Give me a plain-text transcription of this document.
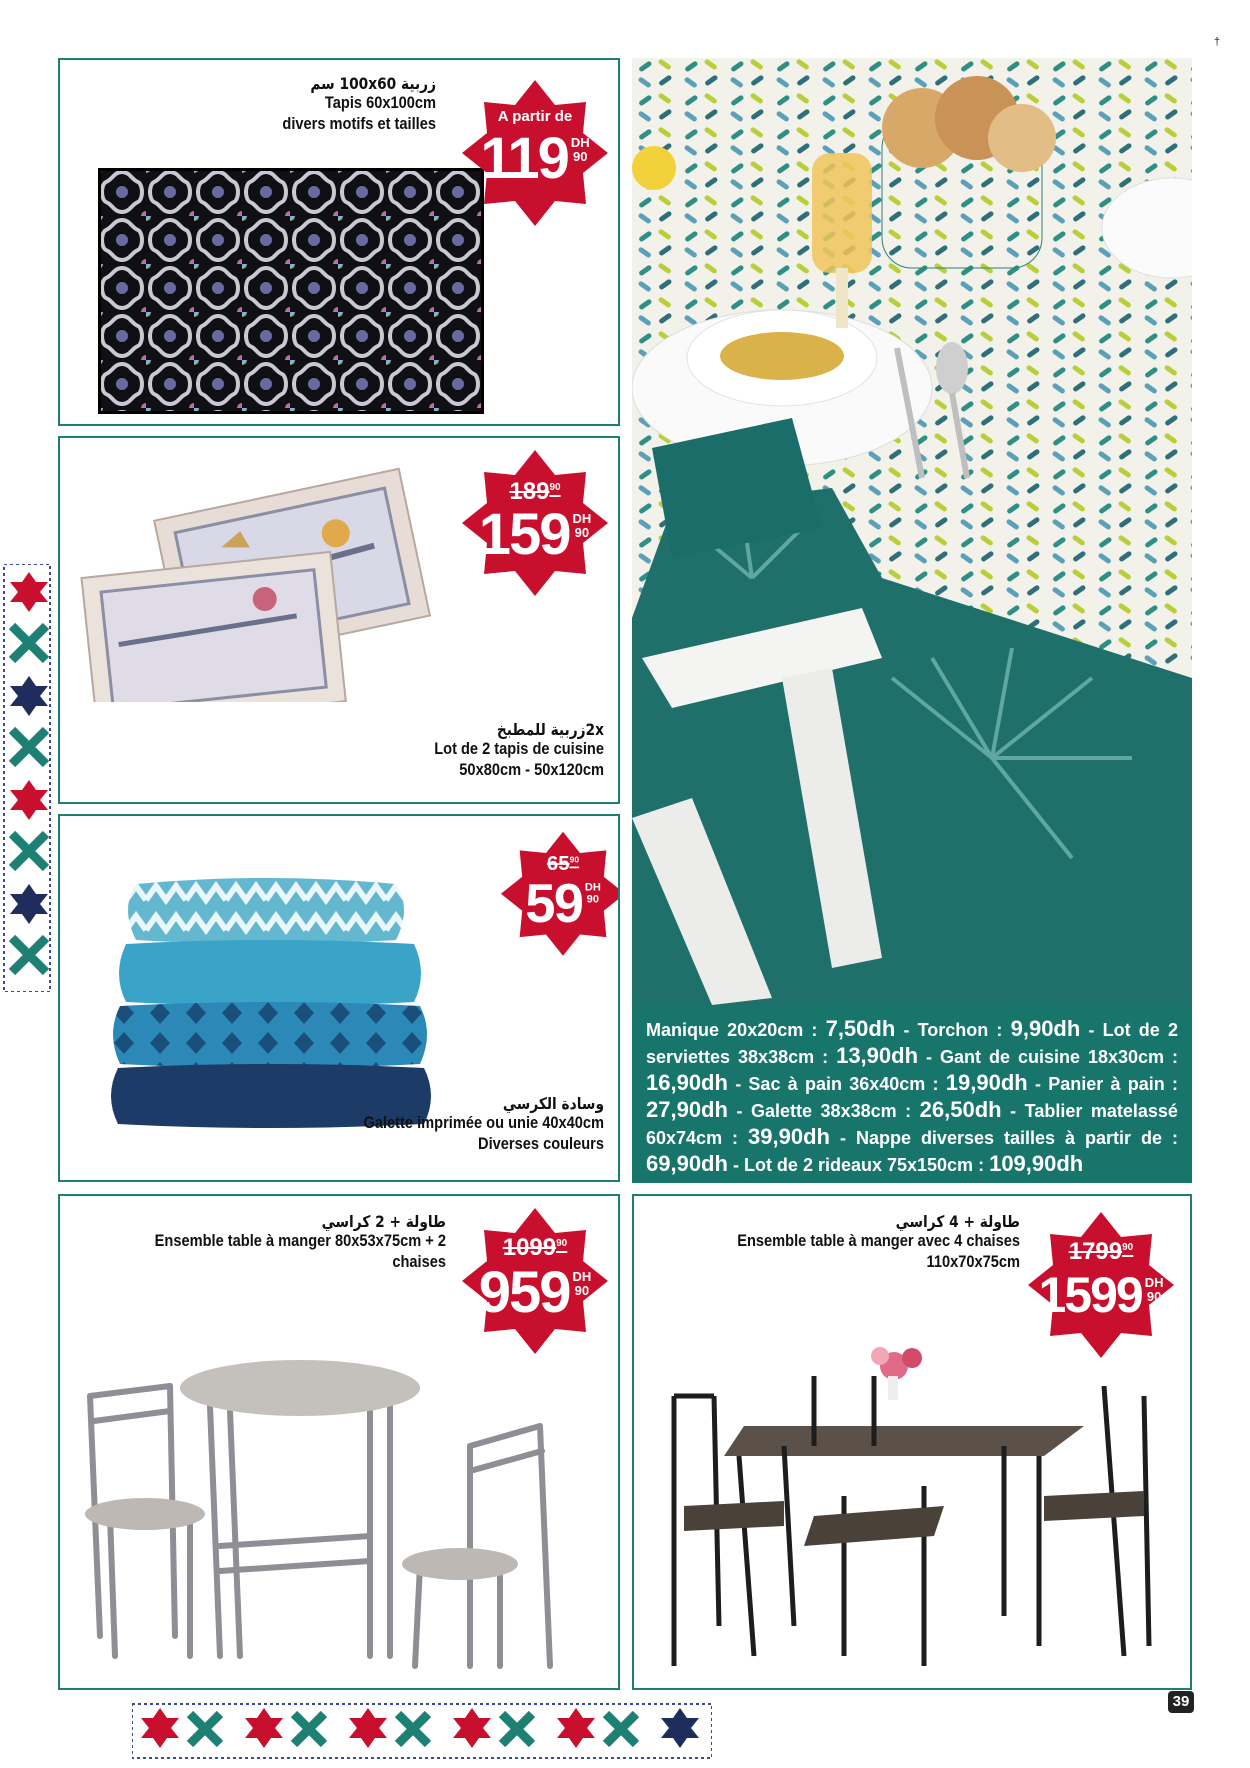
†
زربية 100x60 سم
Tapis 60x100cm
divers motifs et tailles	A partir de
119 $^{DH 90}$
$189^{90}$
159 $^{DH 90}$
2xزربية للمطبخ
Lot de 2 tapis de cuisine
50x80cm - 50x120cm
$65^{90}$
59 $^{DH 90}$
وسادة الكرسي
Galette imprimée ou unie 40x40cm
Diverses couleurs
Manique 20x20cm : 7,50dh - Torchon : 9,90dh - Lot de 2 serviettes 38x38cm : 13,90dh - Gant de cuisine 18x30cm : 16,90dh - Sac à pain 36x40cm : 19,90dh - Panier à pain : 27,90dh - Galette 38x38cm : 26,50dh - Tablier matelassé 60x74cm : 39,90dh - Nappe diverses tailles à partir de : 69,90dh - Lot de 2 rideaux 75x150cm : 109,90dh
طاولة + 2 كراسي
Ensemble table à manger 80x53x75cm + 2 chaises
1099$^{90}$
959 $^{DH 90}$
طاولة + 4 كراسي
Ensemble table à manger avec 4 chaises
110x70x75cm	1799$^{90}$
1599 $^{DH 90}$
39
